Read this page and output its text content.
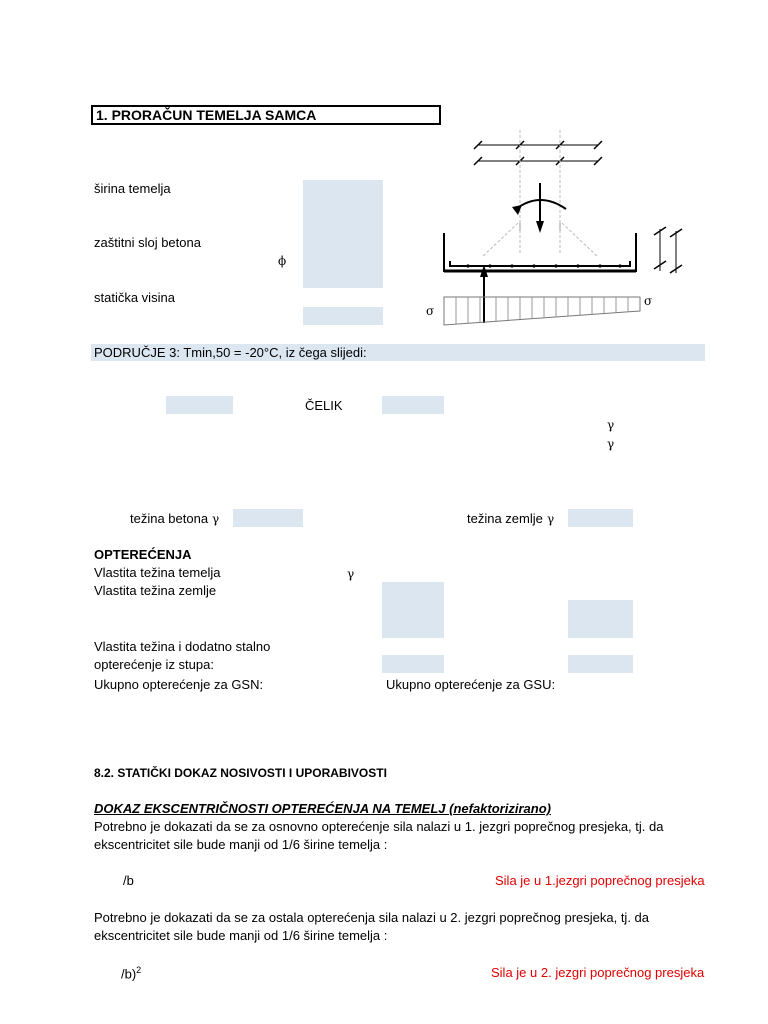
1. PRORAČUN TEMELJA SAMCA
širina temelja
zaštitni sloj betona
ϕ
statička visina
σ
σ
PODRUČJE 3: Tmin,50 = -20°C, iz čega slijedi:
ČELIK
γ
γ
težina betona γ	težina zemlje γ
OPTEREĆENJA
Vlastita težina temelja	γ
Vlastita težina zemlje
Vlastita težina i dodatno stalno
opterećenje iz stupa:
Ukupno opterećenje za GSN:	Ukupno opterećenje za GSU:
8.2. STATIČKI DOKAZ NOSIVOSTI I UPORABIVOSTI
DOKAZ EKSCENTRIČNOSTI OPTEREĆENJA NA TEMELJ (nefaktorizirano)
Potrebno je dokazati da se za osnovno opterećenje sila nalazi u 1. jezgri poprečnog presjeka, tj. da
ekscentricitet sile bude manji od 1/6 širine temelja :
/b	Sila je u 1.jezgri poprečnog presjeka
Potrebno je dokazati da se za ostala opterećenja sila nalazi u 2. jezgri poprečnog presjeka, tj. da
ekscentricitet sile bude manji od 1/6 širine temelja :
/b)$^2$	Sila je u 2. jezgri poprečnog presjeka
